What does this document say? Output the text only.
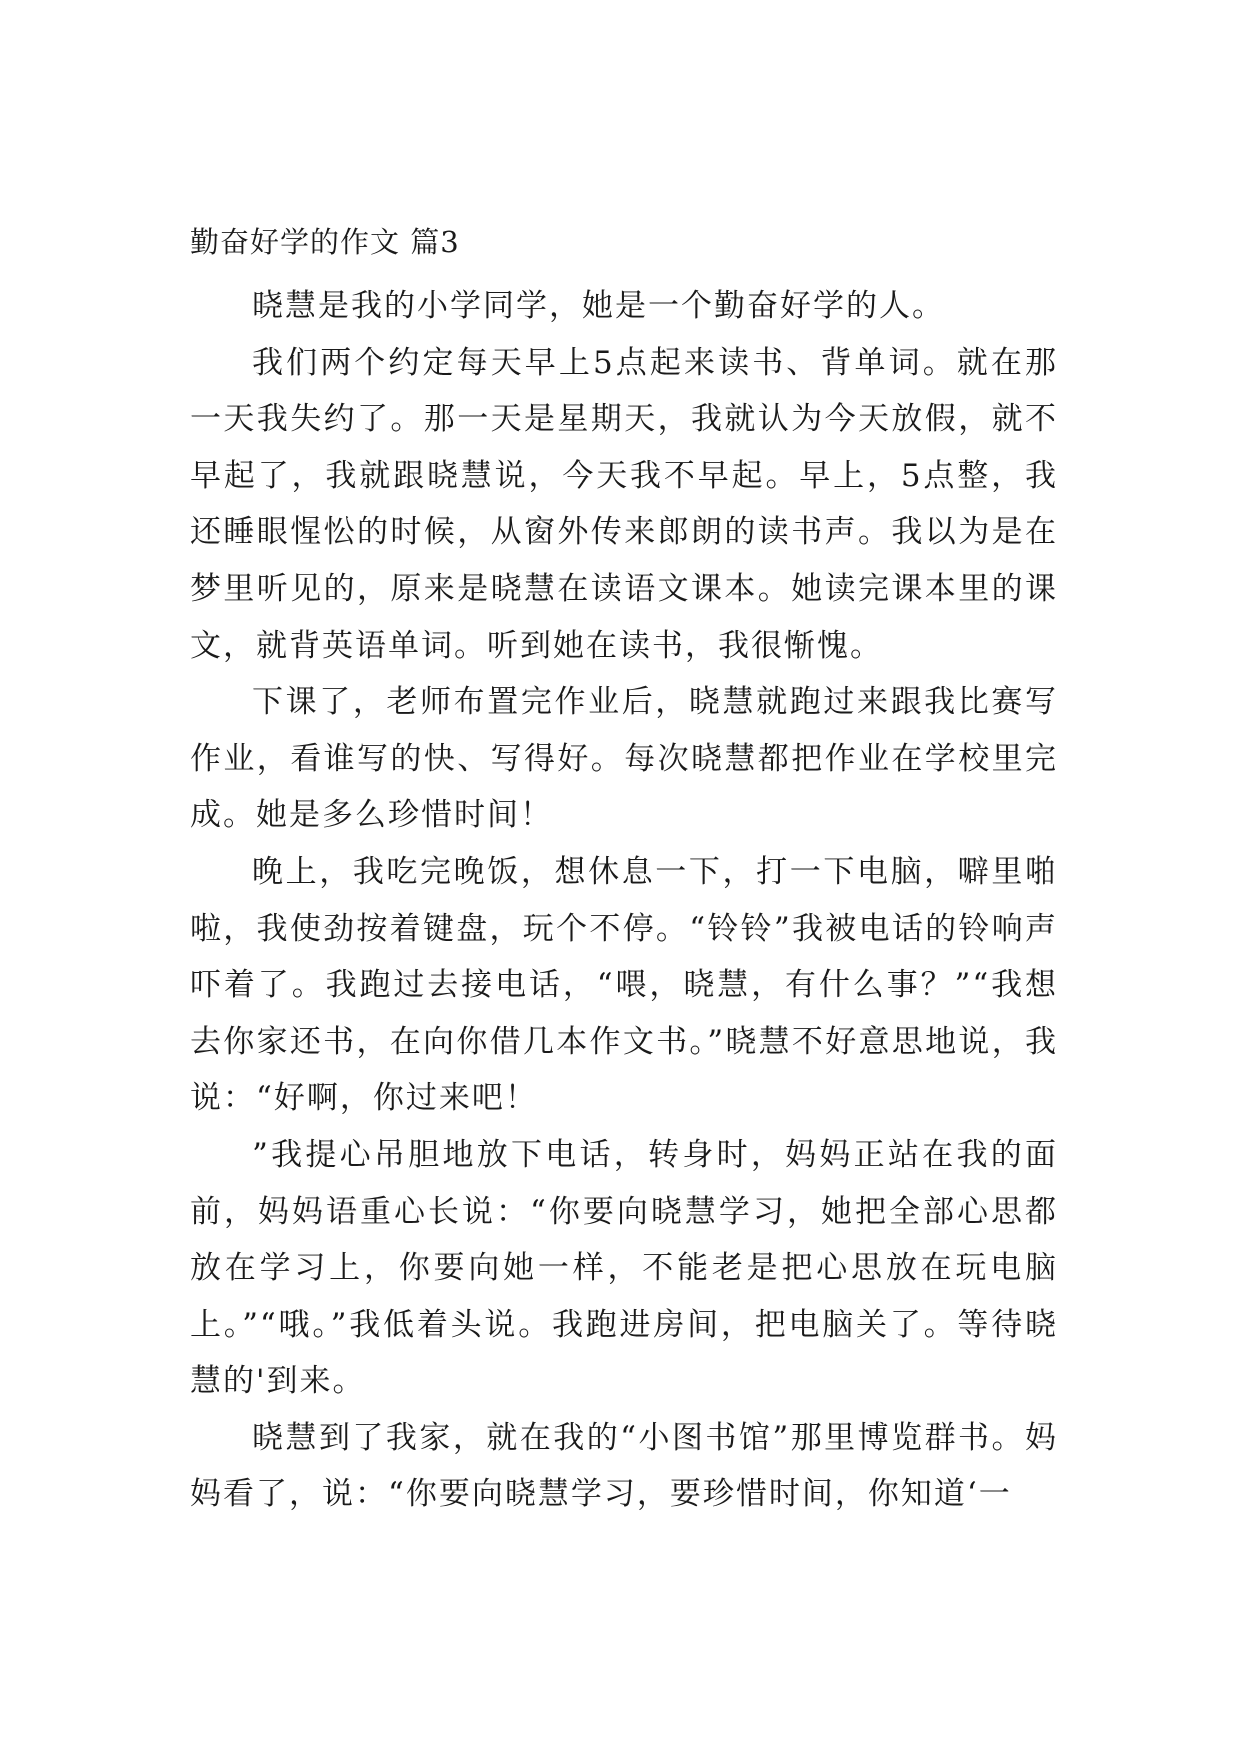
勤奋好学的作文 篇3

晓慧是我的小学同学，她是一个勤奋好学的人。

我们两个约定每天早上5点起来读书、背单词。就在那一天我失约了。那一天是星期天，我就认为今天放假，就不早起了，我就跟晓慧说，今天我不早起。早上，5点整，我还睡眼惺忪的时候，从窗外传来郎朗的读书声。我以为是在梦里听见的，原来是晓慧在读语文课本。她读完课本里的课文，就背英语单词。听到她在读书，我很惭愧。

下课了，老师布置完作业后，晓慧就跑过来跟我比赛写作业，看谁写的快、写得好。每次晓慧都把作业在学校里完成。她是多么珍惜时间！

晚上，我吃完晚饭，想休息一下，打一下电脑，噼里啪啦，我使劲按着键盘，玩个不停。“铃铃”我被电话的铃响声吓着了。我跑过去接电话，“喂，晓慧，有什么事？”“我想去你家还书，在向你借几本作文书。”晓慧不好意思地说，我说：“好啊，你过来吧！

”我提心吊胆地放下电话，转身时，妈妈正站在我的面前，妈妈语重心长说：“你要向晓慧学习，她把全部心思都放在学习上，你要向她一样，不能老是把心思放在玩电脑上。”“哦。”我低着头说。我跑进房间，把电脑关了。等待晓慧的'到来。

晓慧到了我家，就在我的“小图书馆”那里博览群书。妈妈看了，说：“你要向晓慧学习，要珍惜时间，你知道‘一
